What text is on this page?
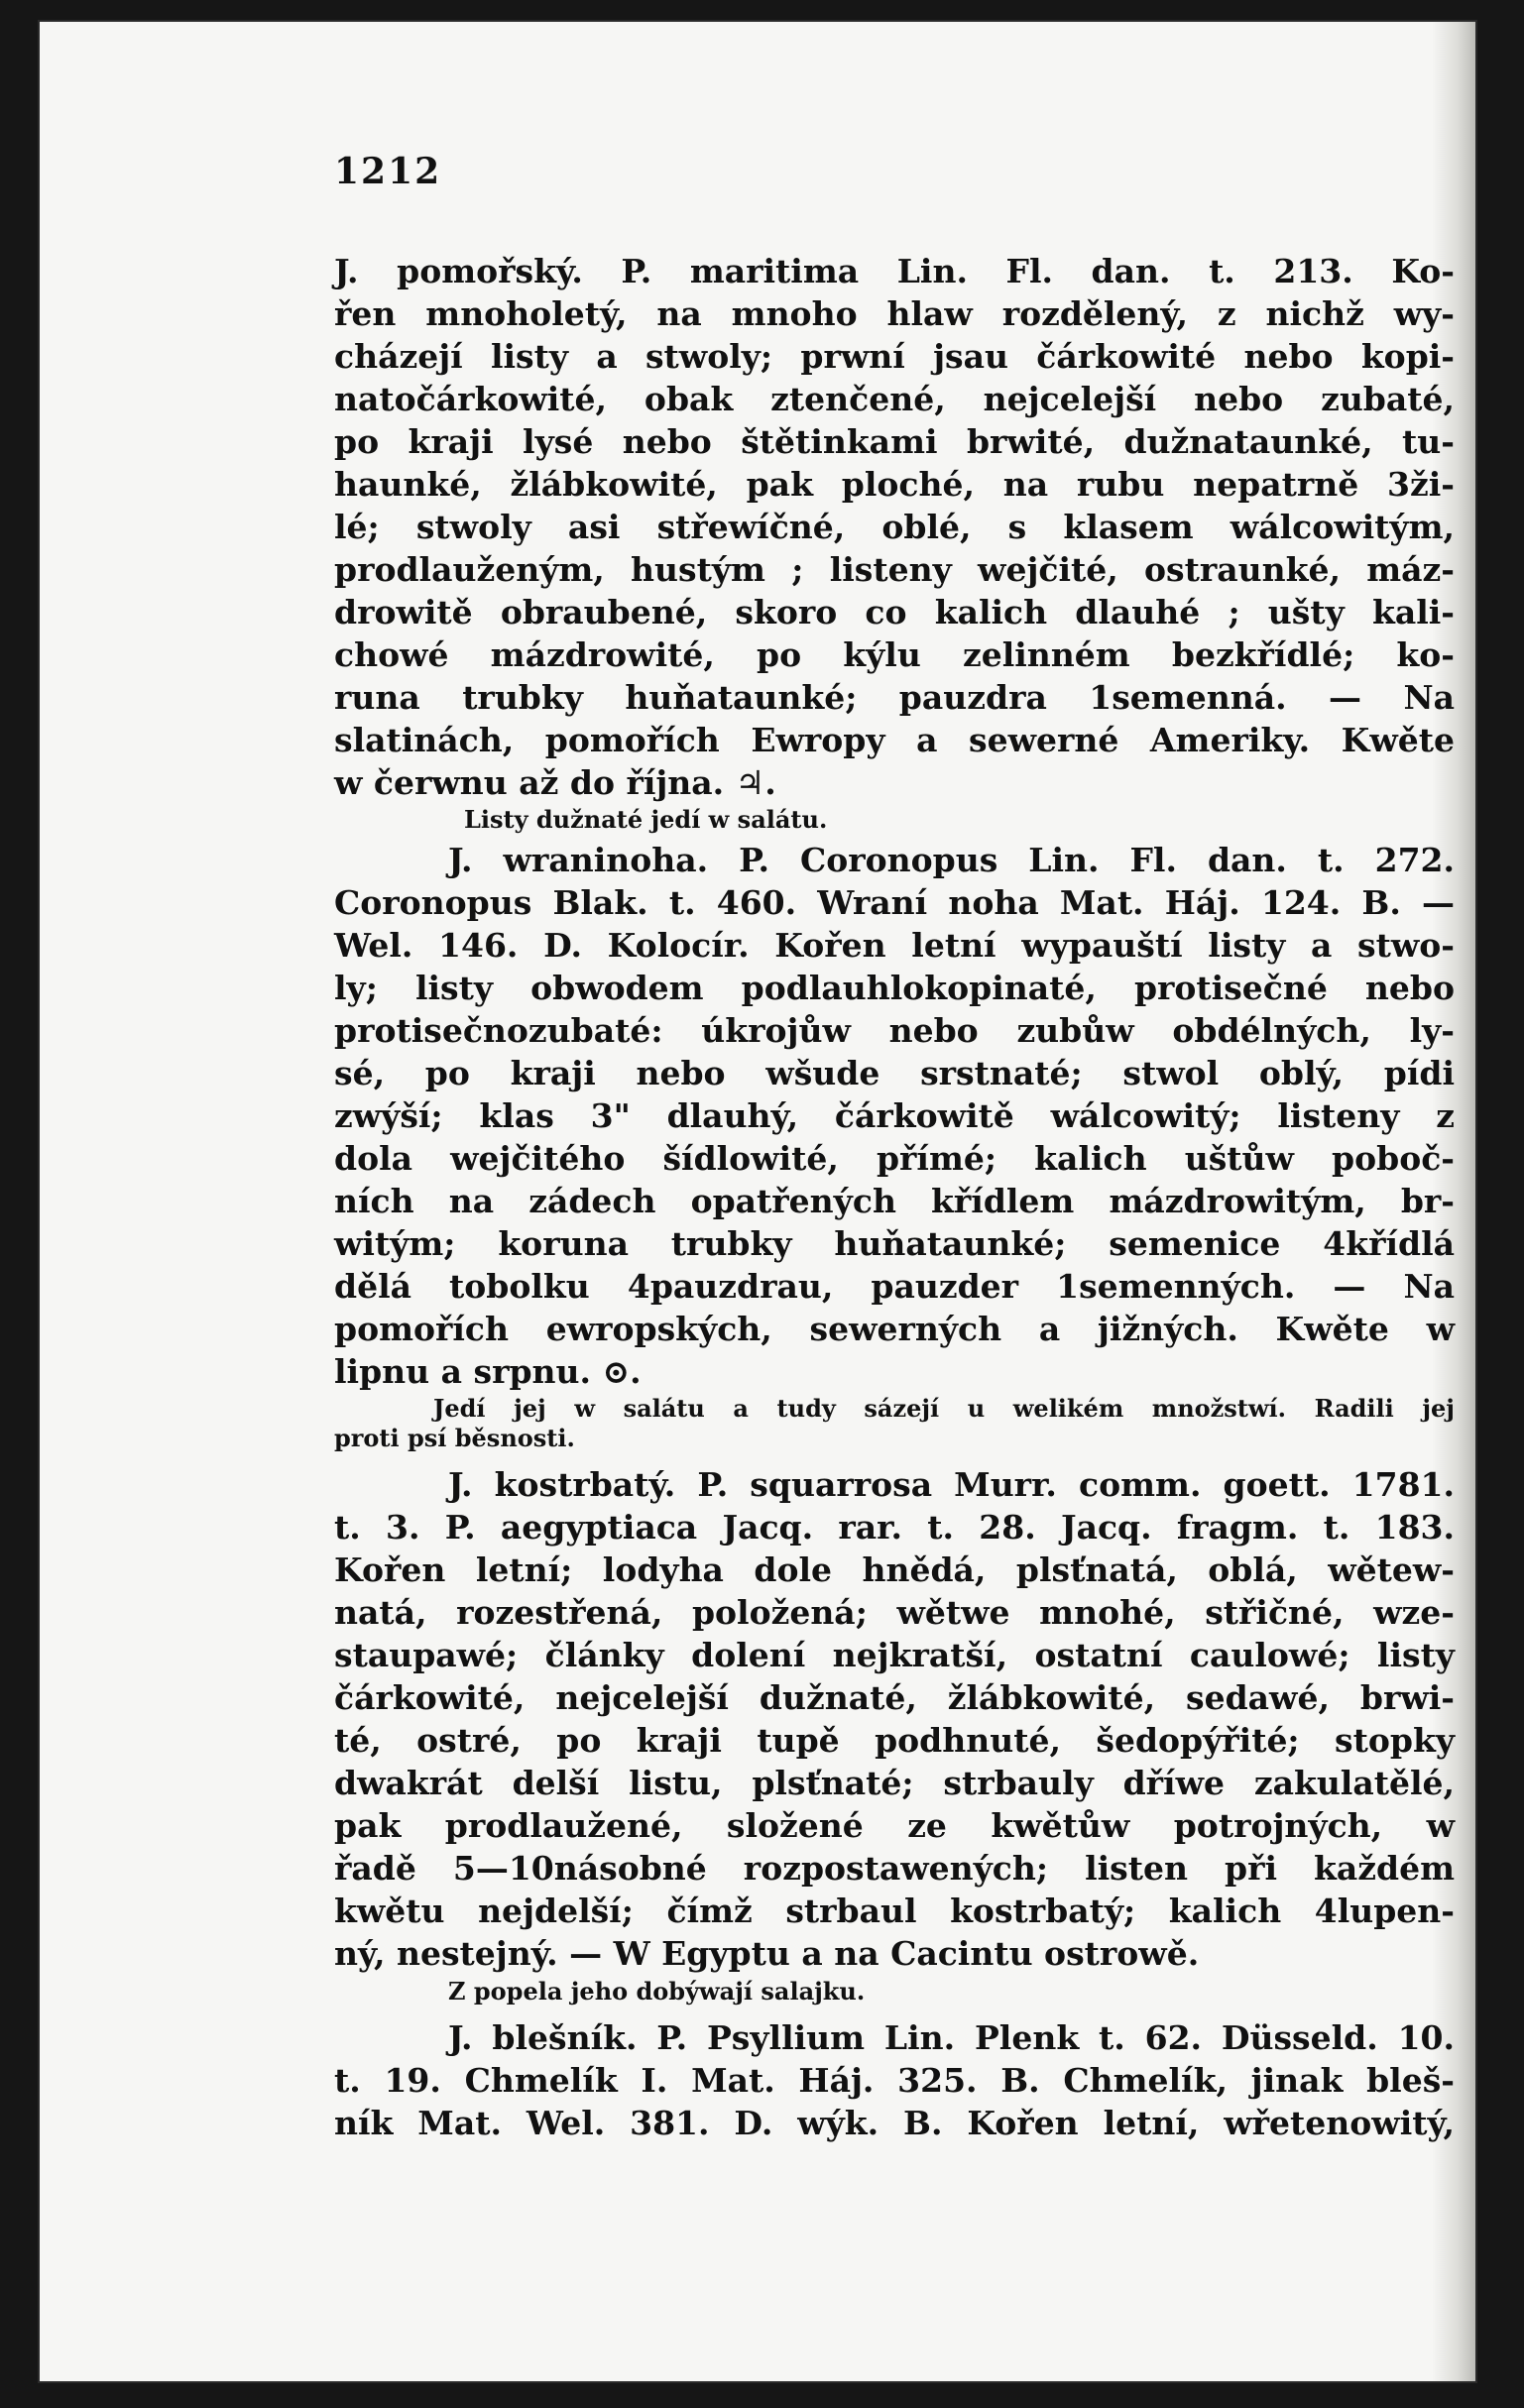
1212
J. pomořský. P. maritima Lin. Fl. dan. t. 213. Ko-
řen mnoholetý, na mnoho hlaw rozdělený, z nichž wy-
cházejí listy a stwoly; prwní jsau čárkowité nebo kopi-
natočárkowité, obak ztenčené, nejcelejší nebo zubaté,
po kraji lysé nebo štětinkami brwité, dužnataunké, tu-
haunké, žlábkowité, pak ploché, na rubu nepatrně 3ži-
lé; stwoly asi střewíčné, oblé, s klasem wálcowitým,
prodlauženým, hustým ; listeny wejčité, ostraunké, máz-
drowitě obraubené, skoro co kalich dlauhé ; ušty kali-
chowé mázdrowité, po kýlu zelinném bezkřídlé; ko-
runa trubky huňataunké; pauzdra 1semenná. — Na
slatinách, pomořích Ewropy a sewerné Ameriky. Kwěte
w čerwnu až do října. ♃.
Listy dužnaté jedí w salátu.
J. wraninoha. P. Coronopus Lin. Fl. dan. t. 272.
Coronopus Blak. t. 460. Wraní noha Mat. Háj. 124. B. —
Wel. 146. D. Kolocír. Kořen letní wypauští listy a stwo-
ly; listy obwodem podlauhlokopinaté, protisečné nebo
protisečnozubaté: úkrojůw nebo zubůw obdélných, ly-
sé, po kraji nebo wšude srstnaté; stwol oblý, pídi
zwýší; klas 3" dlauhý, čárkowitě wálcowitý; listeny z
dola wejčitého šídlowité, přímé; kalich uštůw poboč-
ních na zádech opatřených křídlem mázdrowitým, br-
witým; koruna trubky huňataunké; semenice 4křídlá
dělá tobolku 4pauzdrau, pauzder 1semenných. — Na
pomořích ewropských, sewerných a jižných. Kwěte w
lipnu a srpnu. ⊙.
Jedí jej w salátu a tudy sázejí u welikém množstwí. Radili jej
proti psí běsnosti.
J. kostrbatý. P. squarrosa Murr. comm. goett. 1781.
t. 3. P. aegyptiaca Jacq. rar. t. 28. Jacq. fragm. t. 183.
Kořen letní; lodyha dole hnědá, plsťnatá, oblá, wětew-
natá, rozestřená, položená; wětwe mnohé, střičné, wze-
staupawé; články dolení nejkratší, ostatní caulowé; listy
čárkowité, nejcelejší dužnaté, žlábkowité, sedawé, brwi-
té, ostré, po kraji tupě podhnuté, šedopýřité; stopky
dwakrát delší listu, plsťnaté; strbauly dříwe zakulatělé,
pak prodlaužené, složené ze kwětůw potrojných, w
řadě 5—10násobné rozpostawených; listen při každém
kwětu nejdelší; čímž strbaul kostrbatý; kalich 4lupen-
ný, nestejný. — W Egyptu a na Cacintu ostrowě.
Z popela jeho dobýwají salajku.
J. blešník. P. Psyllium Lin. Plenk t. 62. Düsseld. 10.
t. 19. Chmelík I. Mat. Háj. 325. B. Chmelík, jinak bleš-
ník Mat. Wel. 381. D. wýk. B. Kořen letní, wřetenowitý,
